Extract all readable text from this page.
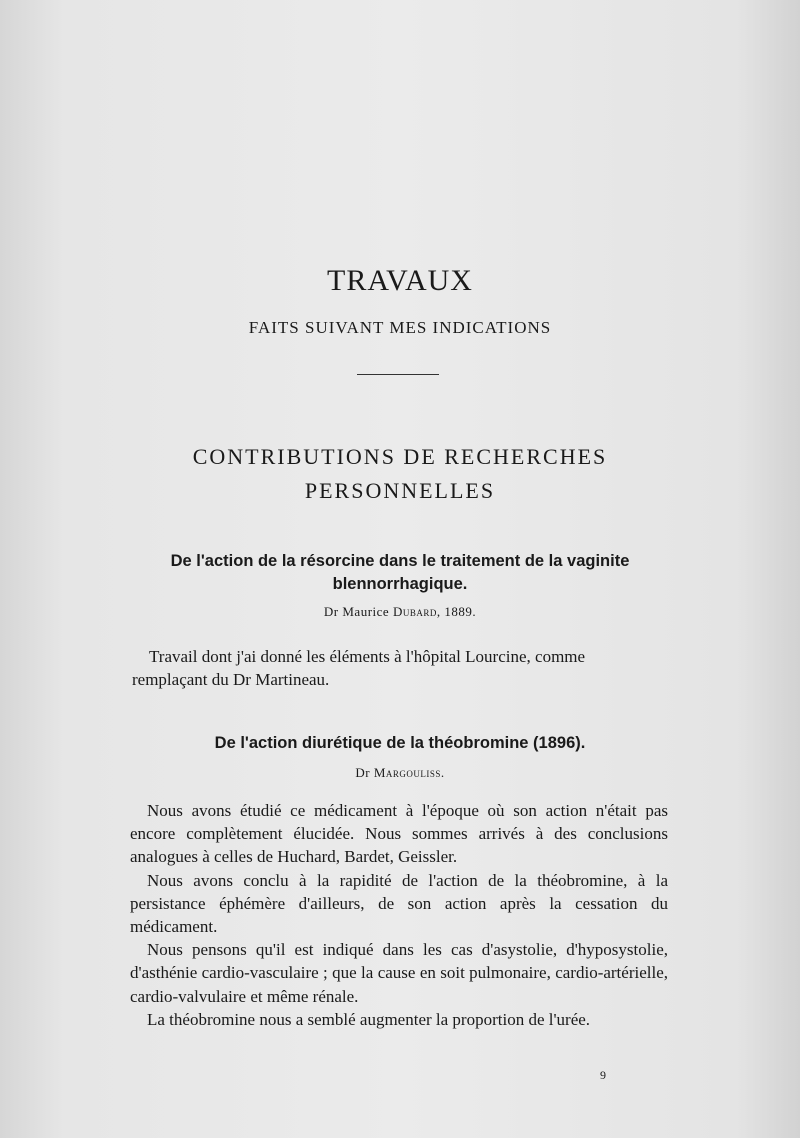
TRAVAUX
FAITS SUIVANT MES INDICATIONS
CONTRIBUTIONS DE RECHERCHES
PERSONNELLES
De l'action de la résorcine dans le traitement de la vaginite
blennorrhagique.
Dr Maurice Dubard, 1889.
Travail dont j'ai donné les éléments à l'hôpital Lourcine, comme
remplaçant du Dr Martineau.
De l'action diurétique de la théobromine (1896).
Dr Margouliss.

Nous avons étudié ce médicament à l'époque où son action n'était pas encore complètement élucidée. Nous sommes arrivés à des conclusions analogues à celles de Huchard, Bardet, Geissler.

Nous avons conclu à la rapidité de l'action de la théobromine, à la persistance éphémère d'ailleurs, de son action après la cessation du médicament.

Nous pensons qu'il est indiqué dans les cas d'asystolie, d'hyposystolie, d'asthénie cardio-vasculaire ; que la cause en soit pulmonaire, cardio-artérielle, cardio-valvulaire et même rénale.

La théobromine nous a semblé augmenter la proportion de l'urée.

9
